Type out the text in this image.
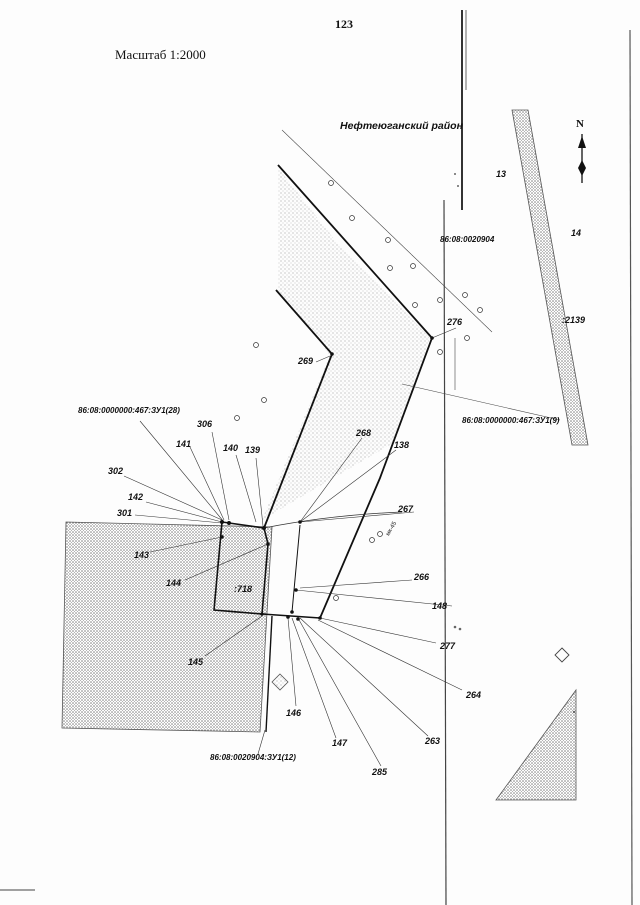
123
Масштаб 1:2000
Нефтеюганский район	N
13
14
:2139
:718
мк-45
86:08:0020904
86:08:0000000:467:ЗУ1(9)
86:08:0000000:467:ЗУ1(28)
86:08:0020904:ЗУ1(12)
306
141	140 139
302
142
301
143
144
145
146
147
285
263
264
277
148
266
267
268
138
269
276
